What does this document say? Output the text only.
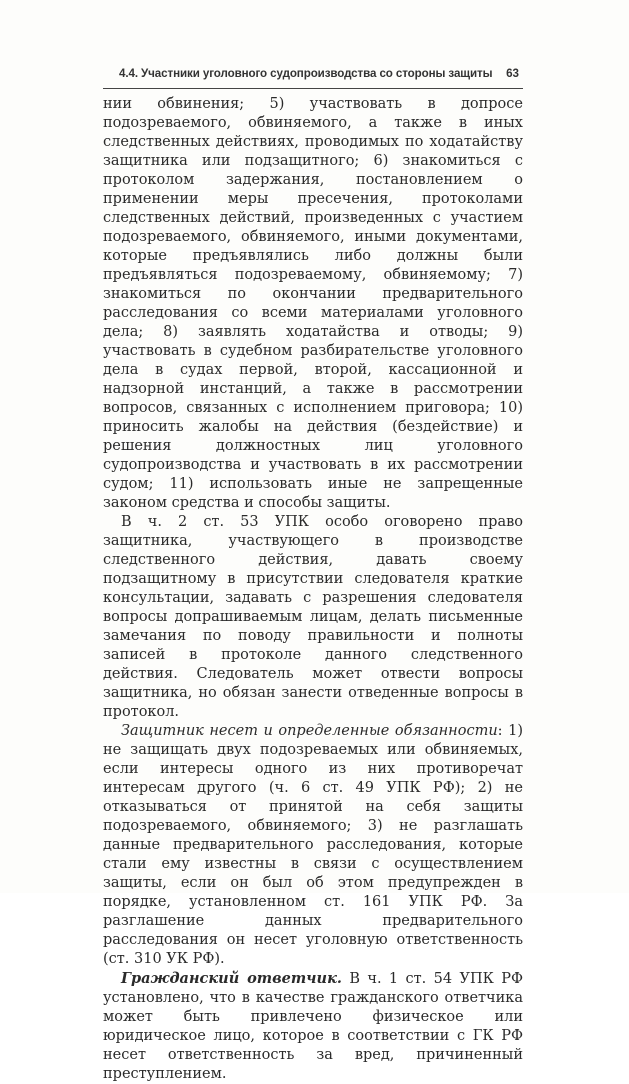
4.4. Участники уголовного судопроизводства со стороны защиты 63

нии обвинения; 5) участвовать в допросе подозреваемого, обвиняемого, а также в иных следственных действиях, проводимых по ходатайству защитника или подзащитного; 6) знакомиться с протоколом задержания, постановлением о применении меры пресечения, протоколами следственных действий, произведенных с участием подозреваемого, обвиняемого, иными документами, которые предъявлялись либо должны были предъявляться подозреваемому, обвиняемому; 7) знакомиться по окончании предварительного расследования со всеми материалами уголовного дела; 8) заявлять ходатайства и отводы; 9) участвовать в судебном разбирательстве уголовного дела в судах первой, второй, кассационной и надзорной инстанций, а также в рассмотрении вопросов, связанных с исполнением приговора; 10) приносить жалобы на действия (бездействие) и решения должностных лиц уголовного судопроизводства и участвовать в их рассмотрении судом; 11) использовать иные не запрещенные законом средства и способы защиты.

В ч. 2 ст. 53 УПК особо оговорено право защитника, участвующего в производстве следственного действия, давать своему подзащитному в присутствии следователя краткие консультации, задавать с разрешения следователя вопросы допрашиваемым лицам, делать письменные замечания по поводу правильности и полноты записей в протоколе данного следственного действия. Следователь может отвести вопросы защитника, но обязан занести отведенные вопросы в протокол.

Защитник несет и определенные обязанности: 1) не защищать двух подозреваемых или обвиняемых, если интересы одного из них противоречат интересам другого (ч. 6 ст. 49 УПК РФ); 2) не отказываться от принятой на себя защиты подозреваемого, обвиняемого; 3) не разглашать данные предварительного расследования, которые стали ему известны в связи с осуществлением защиты, если он был об этом предупрежден в порядке, установленном ст. 161 УПК РФ. За разглашение данных предварительного расследования он несет уголовную ответственность (ст. 310 УК РФ).

Гражданский ответчик. В ч. 1 ст. 54 УПК РФ установлено, что в качестве гражданского ответчика может быть привлечено физическое или юридическое лицо, которое в соответствии с ГК РФ несет ответственность за вред, причиненный преступлением.
